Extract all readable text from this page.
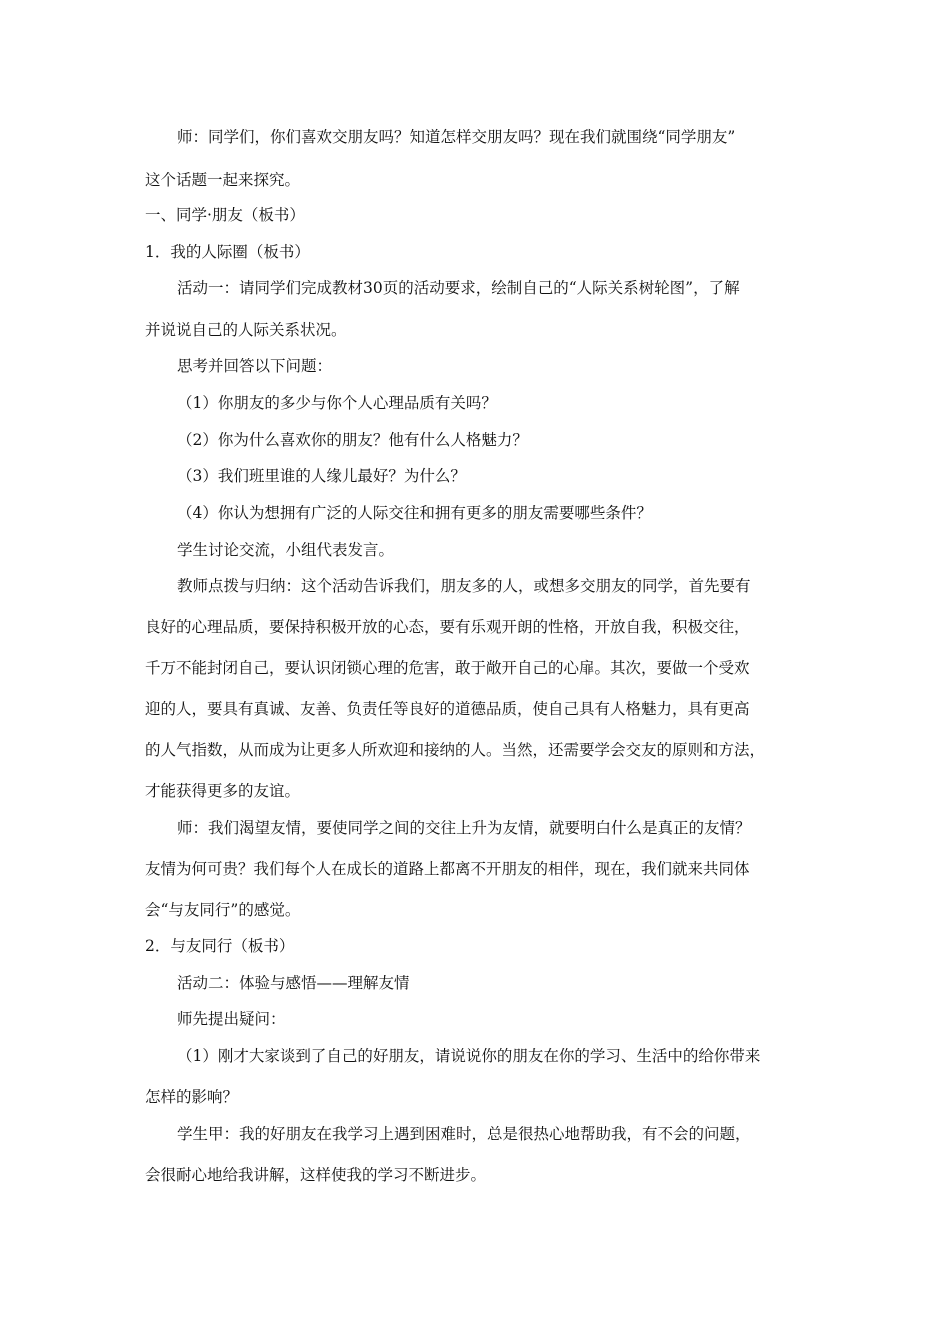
师：同学们，你们喜欢交朋友吗？知道怎样交朋友吗？现在我们就围绕“同学朋友”
这个话题一起来探究。
一、同学·朋友（板书）
1．我的人际圈（板书）
活动一：请同学们完成教材30页的活动要求，绘制自己的“人际关系树轮图”，了解
并说说自己的人际关系状况。
思考并回答以下问题：
（1）你朋友的多少与你个人心理品质有关吗？
（2）你为什么喜欢你的朋友？他有什么人格魅力？
（3）我们班里谁的人缘儿最好？为什么？
（4）你认为想拥有广泛的人际交往和拥有更多的朋友需要哪些条件？
学生讨论交流，小组代表发言。
教师点拨与归纳：这个活动告诉我们，朋友多的人，或想多交朋友的同学，首先要有
良好的心理品质，要保持积极开放的心态，要有乐观开朗的性格，开放自我，积极交往，
千万不能封闭自己，要认识闭锁心理的危害，敢于敞开自己的心扉。其次，要做一个受欢
迎的人，要具有真诚、友善、负责任等良好的道德品质，使自己具有人格魅力，具有更高
的人气指数，从而成为让更多人所欢迎和接纳的人。当然，还需要学会交友的原则和方法，
才能获得更多的友谊。
师：我们渴望友情，要使同学之间的交往上升为友情，就要明白什么是真正的友情？
友情为何可贵？我们每个人在成长的道路上都离不开朋友的相伴，现在，我们就来共同体
会“与友同行”的感觉。
2．与友同行（板书）
活动二：体验与感悟——理解友情
师先提出疑问：
（1）刚才大家谈到了自己的好朋友，请说说你的朋友在你的学习、生活中的给你带来
怎样的影响？
学生甲：我的好朋友在我学习上遇到困难时，总是很热心地帮助我，有不会的问题，
会很耐心地给我讲解，这样使我的学习不断进步。
